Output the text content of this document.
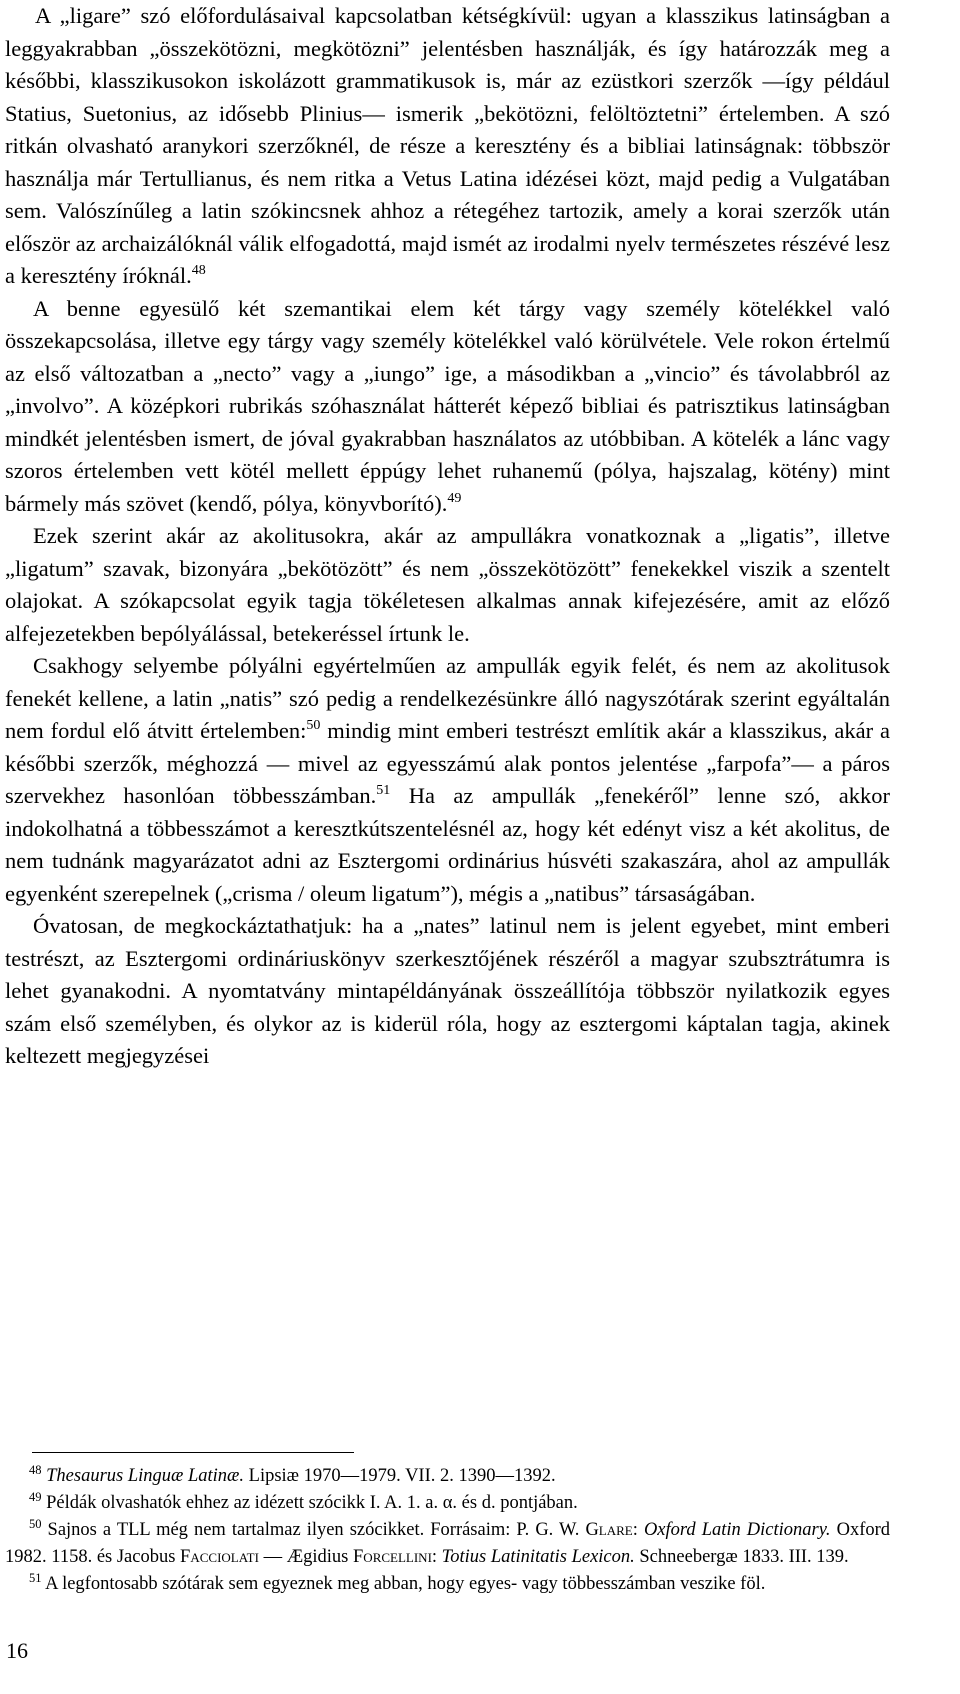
A „ligare” szó előfordulásaival kapcsolatban kétségkívül: ugyan a klasszikus latinságban a leggyakrabban „összekötözni, megkötözni” jelentésben használják, és így határozzák meg a későbbi, klasszikusokon iskolázott grammatikusok is, már az ezüstkori szerzők —így például Statius, Suetonius, az idősebb Plinius— ismerik „bekötözni, felöltöztetni” értelemben. A szó ritkán olvasható aranykori szerzőknél, de része a keresztény és a bibliai latinságnak: többször használja már Tertullianus, és nem ritka a Vetus Latina idézései közt, majd pedig a Vulgatában sem. Valószínűleg a latin szókincsnek ahhoz a rétegéhez tartozik, amely a korai szerzők után először az archaizálóknál válik elfogadottá, majd ismét az irodalmi nyelv természetes részévé lesz a keresztény íróknál.$^{48}$

A benne egyesülő két szemantikai elem két tárgy vagy személy kötelékkel való összekapcsolása, illetve egy tárgy vagy személy kötelékkel való körülvétele. Vele rokon értelmű az első változatban a „necto” vagy a „iungo” ige, a másodikban a „vincio” és távolabbról az „involvo”. A középkori rubrikás szóhasználat hátterét képező bibliai és patrisztikus latinságban mindkét jelentésben ismert, de jóval gyakrabban használatos az utóbbiban. A kötelék a lánc vagy szoros értelemben vett kötél mellett éppúgy lehet ruhanemű (pólya, hajszalag, kötény) mint bármely más szövet (kendő, pólya, könyvborító).$^{49}$

Ezek szerint akár az akolitusokra, akár az ampullákra vonatkoznak a „ligatis”, illetve „ligatum” szavak, bizonyára „bekötözött” és nem „összekötözött” fenekekkel viszik a szentelt olajokat. A szókapcsolat egyik tagja tökéletesen alkalmas annak kifejezésére, amit az előző alfejezetekben bepólyálással, betekeréssel írtunk le.

Csakhogy selyembe pólyálni egyértelműen az ampullák egyik felét, és nem az akolitusok fenekét kellene, a latin „natis” szó pedig a rendelkezésünkre álló nagyszótárak szerint egyáltalán nem fordul elő átvitt értelemben:$^{50}$ mindig mint emberi testrészt említik akár a klasszikus, akár a későbbi szerzők, méghozzá — mivel az egyesszámú alak pontos jelentése „farpofa”— a páros szervekhez hasonlóan többesszámban.$^{51}$ Ha az ampullák „fenekéről” lenne szó, akkor indokolhatná a többesszámot a keresztkútszentelésnél az, hogy két edényt visz a két akolitus, de nem tudnánk magyarázatot adni az Esztergomi ordinárius húsvéti szakaszára, ahol az ampullák egyenként szerepelnek („crisma / oleum ligatum”), mégis a „natibus” társaságában.

Óvatosan, de megkockáztathatjuk: ha a „nates” latinul nem is jelent egyebet, mint emberi testrészt, az Esztergomi ordináriuskönyv szerkesztőjének részéről a magyar szubsztrátumra is lehet gyanakodni. A nyomtatvány mintapéldányának összeállítója többször nyilatkozik egyes szám első személyben, és olykor az is kiderül róla, hogy az esztergomi káptalan tagja, akinek keltezett megjegyzései

$^{48}$ Thesaurus Linguæ Latinæ. Lipsiæ 1970—1979. VII. 2. 1390—1392.

$^{49}$ Példák olvashatók ehhez az idézett szócikk I. A. 1. a. α. és d. pontjában.

$^{50}$ Sajnos a TLL még nem tartalmaz ilyen szócikket. Forrásaim: P. G. W. Glare: Oxford Latin Dictionary. Oxford 1982. 1158. és Jacobus Facciolati — Ægidius Forcellini: Totius Latinitatis Lexicon. Schneebergæ 1833. III. 139.

$^{51}$ A legfontosabb szótárak sem egyeznek meg abban, hogy egyes- vagy többesszámban veszike föl.

16
